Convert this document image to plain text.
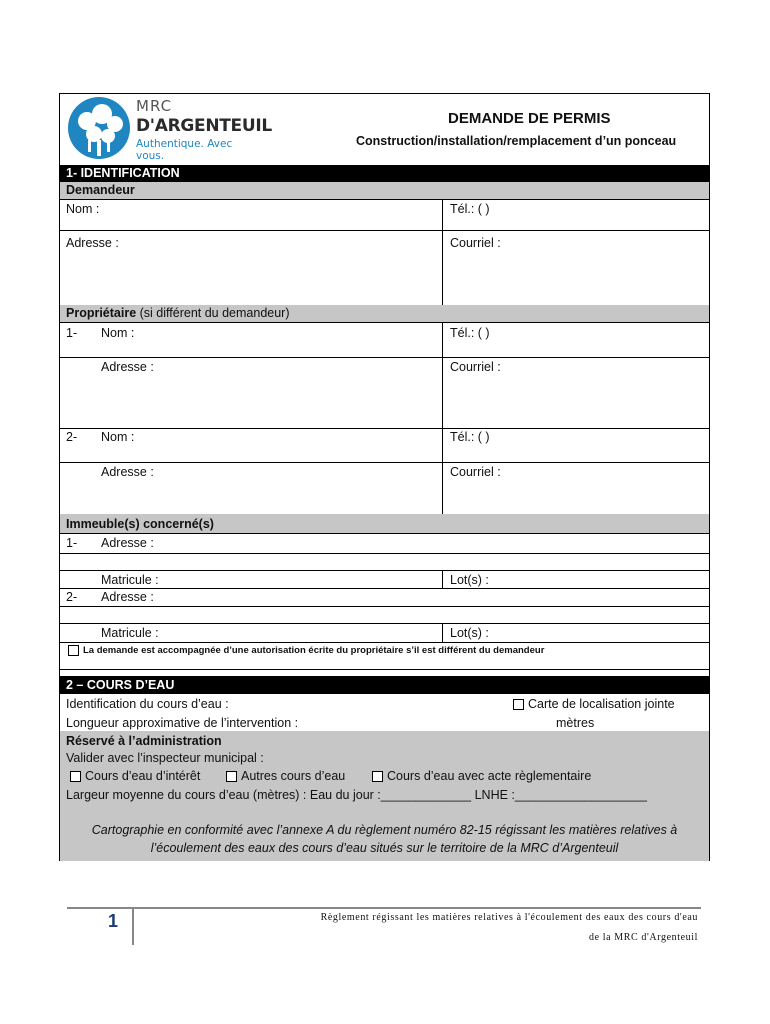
MRC
D'ARGENTEUIL
Authentique. Avec vous.
DEMANDE DE PERMIS
Construction/installation/remplacement d’un ponceau
1- IDENTIFICATION
Demandeur
Nom :	Tél.: ( )
Adresse :	Courriel :
Propriétaire (si différent du demandeur)
1- Nom :	Tél.: ( )
Adresse :	Courriel :
2- Nom :	Tél.: ( )
Adresse :	Courriel :
Immeuble(s) concerné(s)
1- Adresse :
Matricule :	Lot(s) :
2- Adresse :
Matricule :	Lot(s) :
La demande est accompagnée d’une autorisation écrite du propriétaire s’il est différent du demandeur
2 – COURS D’EAU
Identification du cours d’eau :	Carte de localisation jointe
Longueur approximative de l’intervention :	mètres
Réservé à l’administration
Valider avec l’inspecteur municipal :
Cours d’eau d’intérêt	Autres cours d’eau	Cours d’eau avec acte règlementaire
Largeur moyenne du cours d’eau (mètres) : Eau du jour :_____________ LNHE :___________________
Cartographie en conformité avec l’annexe A du règlement numéro 82-15 régissant les matières relatives à
l’écoulement des eaux des cours d’eau situés sur le territoire de la MRC d’Argenteuil
1	Règlement régissant les matières relatives à l'écoulement des eaux des cours d'eau
de la MRC d'Argenteuil
